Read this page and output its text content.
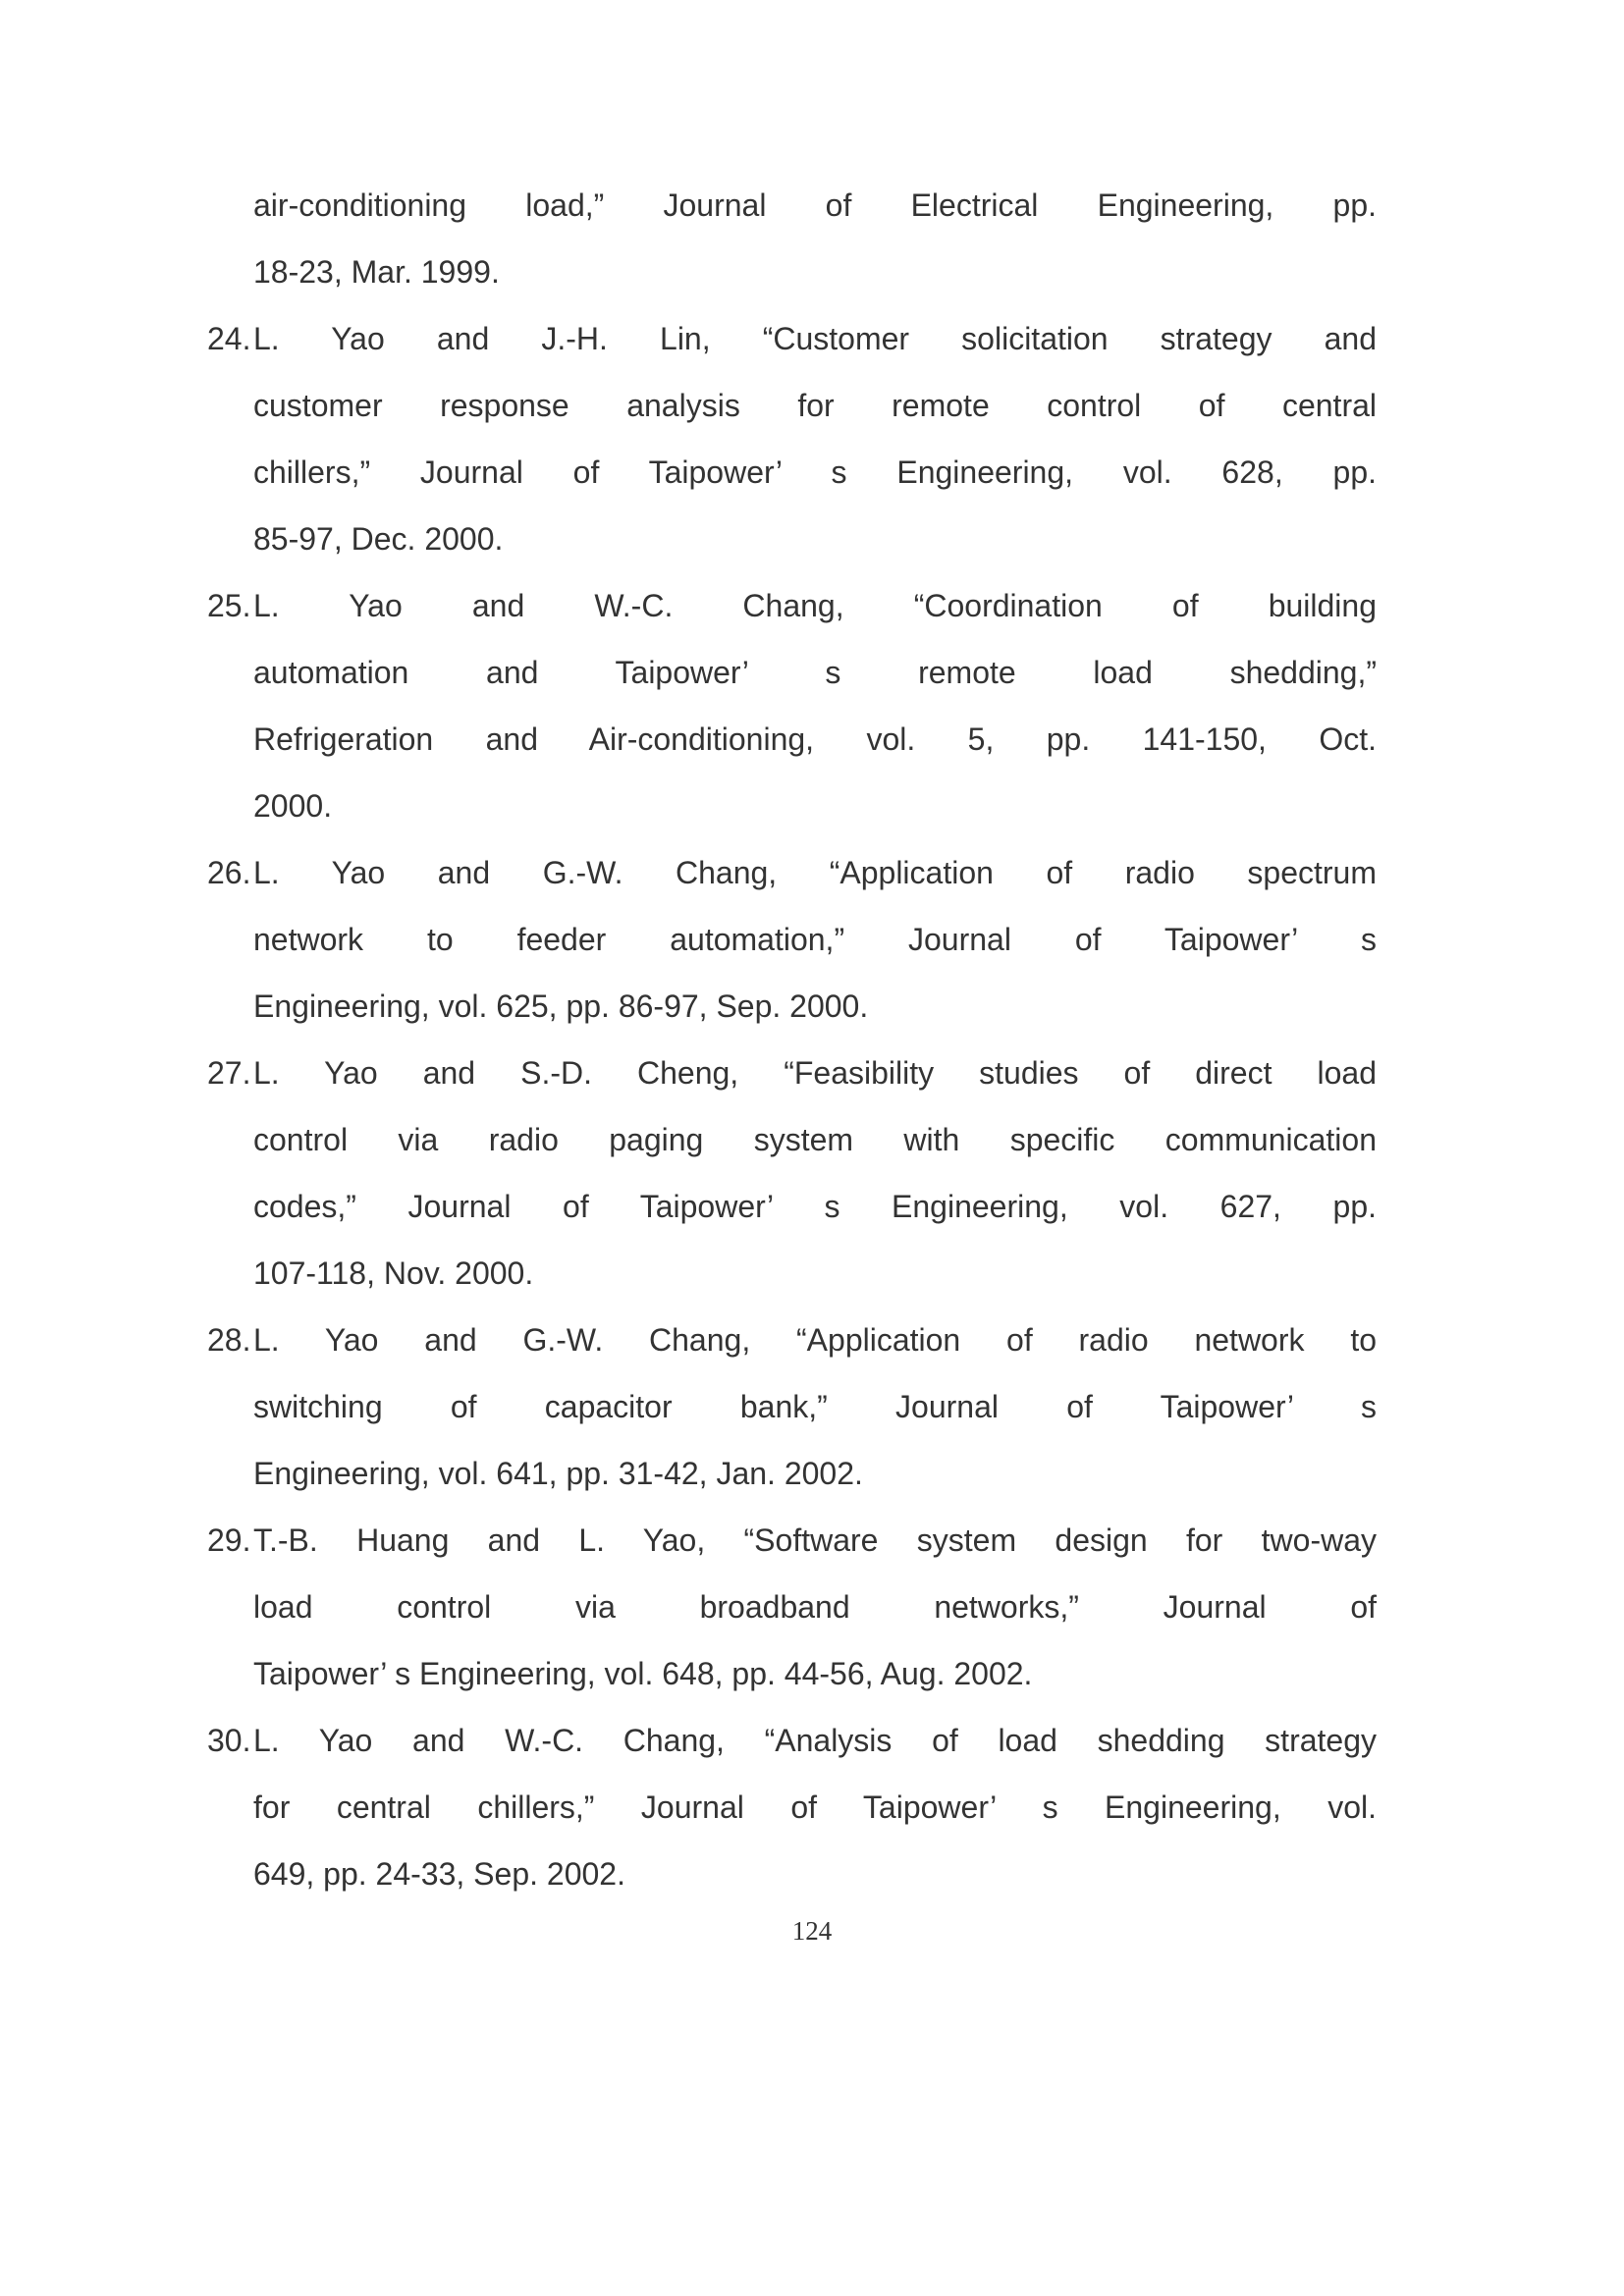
air-conditioning load,” Journal of Electrical Engineering, pp.
18-23, Mar. 1999.
24. L. Yao and J.-H. Lin, “Customer solicitation strategy and
customer response analysis for remote control of central
chillers,” Journal of Taipower’ s Engineering, vol. 628, pp.
85-97, Dec. 2000.
25. L. Yao and W.-C. Chang, “Coordination of building
automation and Taipower’ s remote load shedding,”
Refrigeration and Air-conditioning, vol. 5, pp. 141-150, Oct.
2000.
26. L. Yao and G.-W. Chang, “Application of radio spectrum
network to feeder automation,” Journal of Taipower’ s
Engineering, vol. 625, pp. 86-97, Sep. 2000.
27. L. Yao and S.-D. Cheng, “Feasibility studies of direct load
control via radio paging system with specific communication
codes,” Journal of Taipower’ s Engineering, vol. 627, pp.
107-118, Nov. 2000.
28. L. Yao and G.-W. Chang, “Application of radio network to
switching of capacitor bank,” Journal of Taipower’ s
Engineering, vol. 641, pp. 31-42, Jan. 2002.
29. T.-B. Huang and L. Yao, “Software system design for two-way
load control via broadband networks,” Journal of
Taipower’ s Engineering, vol. 648, pp. 44-56, Aug. 2002.
30. L. Yao and W.-C. Chang, “Analysis of load shedding strategy
for central chillers,” Journal of Taipower’ s Engineering, vol.
649, pp. 24-33, Sep. 2002.
124
